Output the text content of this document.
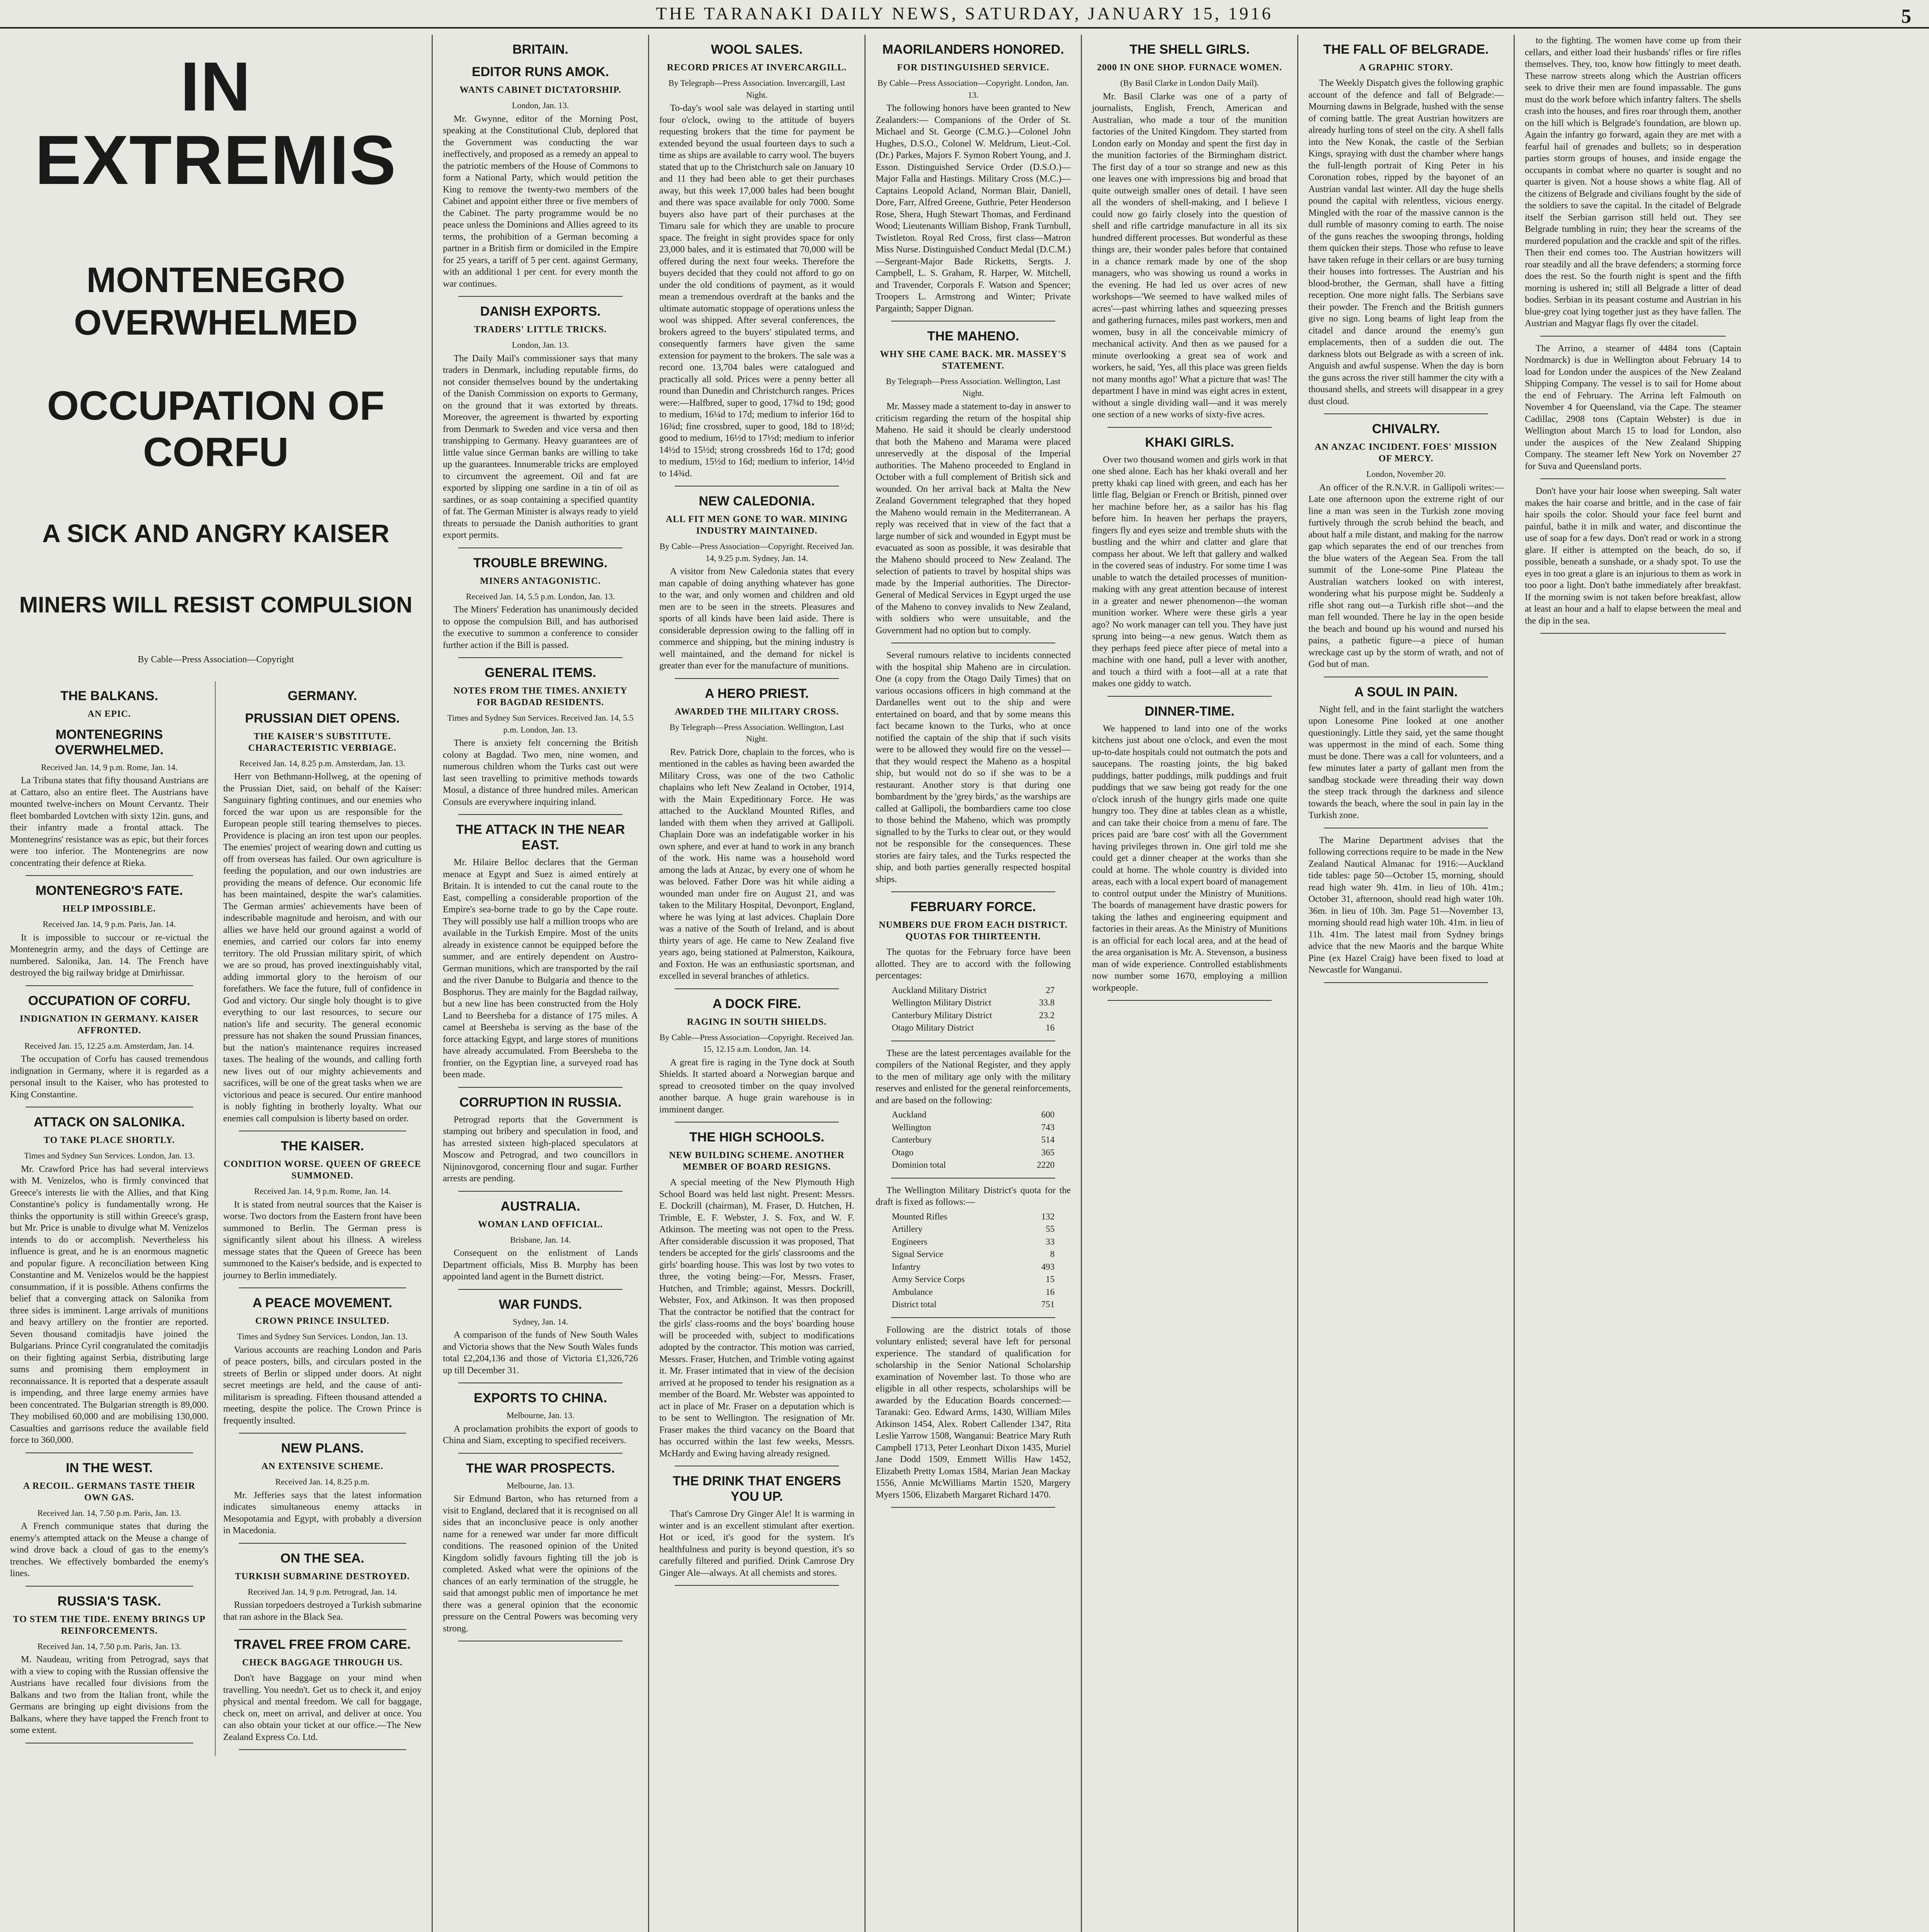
THE TARANAKI DAILY NEWS, SATURDAY, JANUARY 15, 1916	5
IN EXTREMIS
MONTENEGRO OVERWHELMED
OCCUPATION OF CORFU
A SICK AND ANGRY KAISER
MINERS WILL RESIST COMPULSION
By Cable—Press Association—Copyright
THE BALKANS.
AN EPIC.
MONTENEGRINS OVERWHELMED.
Received Jan. 14, 9 p.m. Rome, Jan. 14.

La Tribuna states that fifty thousand Austrians are at Cattaro, also an entire fleet. The Austrians have mounted twelve-inchers on Mount Cervantz. Their fleet bombarded Lovtchen with sixty 12in. guns, and their infantry made a frontal attack. The Montenegrins' resistance was as epic, but their forces were too inferior. The Montenegrins are now concentrating their defence at Rieka.

MONTENEGRO'S FATE.
HELP IMPOSSIBLE.
Received Jan. 14, 9 p.m. Paris, Jan. 14.

It is impossible to succour or re-victual the Montenegrin army, and the days of Cettinge are numbered. Salonika, Jan. 14. The French have destroyed the big railway bridge at Dmirhissar.

OCCUPATION OF CORFU.
INDIGNATION IN GERMANY. KAISER AFFRONTED.
Received Jan. 15, 12.25 a.m. Amsterdam, Jan. 14.

The occupation of Corfu has caused tremendous indignation in Germany, where it is regarded as a personal insult to the Kaiser, who has protested to King Constantine.

ATTACK ON SALONIKA.
TO TAKE PLACE SHORTLY.
Times and Sydney Sun Services. London, Jan. 13.

Mr. Crawford Price has had several interviews with M. Venizelos, who is firmly convinced that Greece's interests lie with the Allies, and that King Constantine's policy is fundamentally wrong. He thinks the opportunity is still within Greece's grasp, but Mr. Price is unable to divulge what M. Venizelos intends to do or accomplish. Nevertheless his influence is great, and he is an enormous magnetic and popular figure. A reconciliation between King Constantine and M. Venizelos would be the happiest consummation, if it is possible. Athens confirms the belief that a converging attack on Salonika from three sides is imminent. Large arrivals of munitions and heavy artillery on the frontier are reported. Seven thousand comitadjis have joined the Bulgarians. Prince Cyril congratulated the comitadjis on their fighting against Serbia, distributing large sums and promising them employment in reconnaissance. It is reported that a desperate assault is impending, and three large enemy armies have been concentrated. The Bulgarian strength is 89,000. They mobilised 60,000 and are mobilising 130,000. Casualties and garrisons reduce the available field force to 360,000.

IN THE WEST.
A RECOIL. GERMANS TASTE THEIR OWN GAS.
Received Jan. 14, 7.50 p.m. Paris, Jan. 13.

A French communique states that during the enemy's attempted attack on the Meuse a change of wind drove back a cloud of gas to the enemy's trenches. We effectively bombarded the enemy's lines.

RUSSIA'S TASK.
TO STEM THE TIDE. ENEMY BRINGS UP REINFORCEMENTS.
Received Jan. 14, 7.50 p.m. Paris, Jan. 13.

M. Naudeau, writing from Petrograd, says that with a view to coping with the Russian offensive the Austrians have recalled four divisions from the Balkans and two from the Italian front, while the Germans are bringing up eight divisions from the Balkans, where they have tapped the French front to some extent.

GERMANY.
PRUSSIAN DIET OPENS.
THE KAISER'S SUBSTITUTE. CHARACTERISTIC VERBIAGE.
Received Jan. 14, 8.25 p.m. Amsterdam, Jan. 13.

Herr von Bethmann-Hollweg, at the opening of the Prussian Diet, said, on behalf of the Kaiser: Sanguinary fighting continues, and our enemies who forced the war upon us are responsible for the European people still tearing themselves to pieces. Providence is placing an iron test upon our peoples. The enemies' project of wearing down and cutting us off from overseas has failed. Our own agriculture is feeding the population, and our own industries are providing the means of defence. Our economic life has been maintained, despite the war's calamities. The German armies' achievements have been of indescribable magnitude and heroism, and with our allies we have held our ground against a world of enemies, and carried our colors far into enemy territory. The old Prussian military spirit, of which we are so proud, has proved inextinguishably vital, adding immortal glory to the heroism of our forefathers. We face the future, full of confidence in God and victory. Our single holy thought is to give everything to our last resources, to secure our nation's life and security. The general economic pressure has not shaken the sound Prussian finances, but the nation's maintenance requires increased taxes. The healing of the wounds, and calling forth new lives out of our mighty achievements and sacrifices, will be one of the great tasks when we are victorious and peace is secured. Our entire manhood is nobly fighting in brotherly loyalty. What our enemies call compulsion is liberty based on order.

THE KAISER.
CONDITION WORSE. QUEEN OF GREECE SUMMONED.
Received Jan. 14, 9 p.m. Rome, Jan. 14.

It is stated from neutral sources that the Kaiser is worse. Two doctors from the Eastern front have been summoned to Berlin. The German press is significantly silent about his illness. A wireless message states that the Queen of Greece has been summoned to the Kaiser's bedside, and is expected to journey to Berlin immediately.

A PEACE MOVEMENT.
CROWN PRINCE INSULTED.
Times and Sydney Sun Services. London, Jan. 13.

Various accounts are reaching London and Paris of peace posters, bills, and circulars posted in the streets of Berlin or slipped under doors. At night secret meetings are held, and the cause of anti-militarism is spreading. Fifteen thousand attended a meeting, despite the police. The Crown Prince is frequently insulted.

NEW PLANS.
AN EXTENSIVE SCHEME.
Received Jan. 14, 8.25 p.m.

Mr. Jefferies says that the latest information indicates simultaneous enemy attacks in Mesopotamia and Egypt, with probably a diversion in Macedonia.

ON THE SEA.
TURKISH SUBMARINE DESTROYED.
Received Jan. 14, 9 p.m. Petrograd, Jan. 14.

Russian torpedoers destroyed a Turkish submarine that ran ashore in the Black Sea.

TRAVEL FREE FROM CARE.
CHECK BAGGAGE THROUGH US.

Don't have Baggage on your mind when travelling. You needn't. Get us to check it, and enjoy physical and mental freedom. We call for baggage, check on, meet on arrival, and deliver at once. You can also obtain your ticket at our office.—The New Zealand Express Co. Ltd.

BRITAIN.
EDITOR RUNS AMOK.
WANTS CABINET DICTATORSHIP.
London, Jan. 13.

Mr. Gwynne, editor of the Morning Post, speaking at the Constitutional Club, deplored that the Government was conducting the war ineffectively, and proposed as a remedy an appeal to the patriotic members of the House of Commons to form a National Party, which would petition the King to remove the twenty-two members of the Cabinet and appoint either three or five members of the Cabinet. The party programme would be no peace unless the Dominions and Allies agreed to its terms, the prohibition of a German becoming a partner in a British firm or domiciled in the Empire for 25 years, a tariff of 5 per cent. against Germany, with an additional 1 per cent. for every month the war continues.

DANISH EXPORTS.
TRADERS' LITTLE TRICKS.
London, Jan. 13.

The Daily Mail's commissioner says that many traders in Denmark, including reputable firms, do not consider themselves bound by the undertaking of the Danish Commission on exports to Germany, on the ground that it was extorted by threats. Moreover, the agreement is thwarted by exporting from Denmark to Sweden and vice versa and then transhipping to Germany. Heavy guarantees are of little value since German banks are willing to take up the guarantees. Innumerable tricks are employed to circumvent the agreement. Oil and fat are exported by slipping one sardine in a tin of oil as sardines, or as soap containing a specified quantity of fat. The German Minister is always ready to yield threats to persuade the Danish authorities to grant export permits.

TROUBLE BREWING.
MINERS ANTAGONISTIC.
Received Jan. 14, 5.5 p.m. London, Jan. 13.

The Miners' Federation has unanimously decided to oppose the compulsion Bill, and has authorised the executive to summon a conference to consider further action if the Bill is passed.

GENERAL ITEMS.
NOTES FROM THE TIMES. ANXIETY FOR BAGDAD RESIDENTS.
Times and Sydney Sun Services. Received Jan. 14, 5.5 p.m. London, Jan. 13.

There is anxiety felt concerning the British colony at Bagdad. Two men, nine women, and numerous children whom the Turks cast out were last seen travelling to primitive methods towards Mosul, a distance of three hundred miles. American Consuls are everywhere inquiring inland.

THE ATTACK IN THE NEAR EAST.

Mr. Hilaire Belloc declares that the German menace at Egypt and Suez is aimed entirely at Britain. It is intended to cut the canal route to the East, compelling a considerable proportion of the Empire's sea-borne trade to go by the Cape route. They will possibly use half a million troops who are available in the Turkish Empire. Most of the units already in existence cannot be equipped before the summer, and are entirely dependent on Austro-German munitions, which are transported by the rail and the river Danube to Bulgaria and thence to the Bosphorus. They are mainly for the Bagdad railway, but a new line has been constructed from the Holy Land to Beersheba for a distance of 175 miles. A camel at Beersheba is serving as the base of the force attacking Egypt, and large stores of munitions have already accumulated. From Beersheba to the frontier, on the Egyptian line, a surveyed road has been made.

CORRUPTION IN RUSSIA.

Petrograd reports that the Government is stamping out bribery and speculation in food, and has arrested sixteen high-placed speculators at Moscow and Petrograd, and two councillors in Nijninovgorod, concerning flour and sugar. Further arrests are pending.

AUSTRALIA.
WOMAN LAND OFFICIAL.
Brisbane, Jan. 14.

Consequent on the enlistment of Lands Department officials, Miss B. Murphy has been appointed land agent in the Burnett district.

WAR FUNDS.
Sydney, Jan. 14.

A comparison of the funds of New South Wales and Victoria shows that the New South Wales funds total £2,204,136 and those of Victoria £1,326,726 up till December 31.

EXPORTS TO CHINA.
Melbourne, Jan. 13.

A proclamation prohibits the export of goods to China and Siam, excepting to specified receivers.

THE WAR PROSPECTS.
Melbourne, Jan. 13.

Sir Edmund Barton, who has returned from a visit to England, declared that it is recognised on all sides that an inconclusive peace is only another name for a renewed war under far more difficult conditions. The reasoned opinion of the United Kingdom solidly favours fighting till the job is completed. Asked what were the opinions of the chances of an early termination of the struggle, he said that amongst public men of importance he met there was a general opinion that the economic pressure on the Central Powers was becoming very strong.

WOOL SALES.
RECORD PRICES AT INVERCARGILL.
By Telegraph—Press Association. Invercargill, Last Night.

To-day's wool sale was delayed in starting until four o'clock, owing to the attitude of buyers requesting brokers that the time for payment be extended beyond the usual fourteen days to such a time as ships are available to carry wool. The buyers stated that up to the Christchurch sale on January 10 and 11 they had been able to get their purchases away, but this week 17,000 bales had been bought and there was space available for only 7000. Some buyers also have part of their purchases at the Timaru sale for which they are unable to procure space. The freight in sight provides space for only 23,000 bales, and it is estimated that 70,000 will be offered during the next four weeks. Therefore the buyers decided that they could not afford to go on under the old conditions of payment, as it would mean a tremendous overdraft at the banks and the ultimate automatic stoppage of operations unless the wool was shipped. After several conferences, the brokers agreed to the buyers' stipulated terms, and consequently farmers have given the same extension for payment to the brokers. The sale was a record one. 13,704 bales were catalogued and practically all sold. Prices were a penny better all round than Dunedin and Christchurch ranges. Prices were:—Halfbred, super to good, 17¾d to 19d; good to medium, 16¼d to 17d; medium to inferior 16d to 16¾d; fine crossbred, super to good, 18d to 18½d; good to medium, 16½d to 17½d; medium to inferior 14½d to 15½d; strong crossbreds 16d to 17d; good to medium, 15½d to 16d; medium to inferior, 14½d to 14¾d.

NEW CALEDONIA.
ALL FIT MEN GONE TO WAR. MINING INDUSTRY MAINTAINED.
By Cable—Press Association—Copyright. Received Jan. 14, 9.25 p.m. Sydney, Jan. 14.

A visitor from New Caledonia states that every man capable of doing anything whatever has gone to the war, and only women and children and old men are to be seen in the streets. Pleasures and sports of all kinds have been laid aside. There is considerable depression owing to the falling off in commerce and shipping, but the mining industry is well maintained, and the demand for nickel is greater than ever for the manufacture of munitions.

A HERO PRIEST.
AWARDED THE MILITARY CROSS.
By Telegraph—Press Association. Wellington, Last Night.

Rev. Patrick Dore, chaplain to the forces, who is mentioned in the cables as having been awarded the Military Cross, was one of the two Catholic chaplains who left New Zealand in October, 1914, with the Main Expeditionary Force. He was attached to the Auckland Mounted Rifles, and landed with them when they arrived at Gallipoli. Chaplain Dore was an indefatigable worker in his own sphere, and ever at hand to work in any branch of the work. His name was a household word among the lads at Anzac, by every one of whom he was beloved. Father Dore was hit while aiding a wounded man under fire on August 21, and was taken to the Military Hospital, Devonport, England, where he was lying at last advices. Chaplain Dore was a native of the South of Ireland, and is about thirty years of age. He came to New Zealand five years ago, being stationed at Palmerston, Kaikoura, and Foxton. He was an enthusiastic sportsman, and excelled in several branches of athletics.

A DOCK FIRE.
RAGING IN SOUTH SHIELDS.
By Cable—Press Association—Copyright. Received Jan. 15, 12.15 a.m. London, Jan. 14.

A great fire is raging in the Tyne dock at South Shields. It started aboard a Norwegian barque and spread to creosoted timber on the quay involved another barque. A huge grain warehouse is in imminent danger.

THE HIGH SCHOOLS.
NEW BUILDING SCHEME. ANOTHER MEMBER OF BOARD RESIGNS.

A special meeting of the New Plymouth High School Board was held last night. Present: Messrs. E. Dockrill (chairman), M. Fraser, D. Hutchen, H. Trimble, E. F. Webster, J. S. Fox, and W. F. Atkinson. The meeting was not open to the Press. After considerable discussion it was proposed, That tenders be accepted for the girls' classrooms and the girls' boarding house. This was lost by two votes to three, the voting being:—For, Messrs. Fraser, Hutchen, and Trimble; against, Messrs. Dockrill, Webster, Fox, and Atkinson. It was then proposed That the contractor be notified that the contract for the girls' class-rooms and the boys' boarding house will be proceeded with, subject to modifications adopted by the contractor. This motion was carried, Messrs. Fraser, Hutchen, and Trimble voting against it. Mr. Fraser intimated that in view of the decision arrived at he proposed to tender his resignation as a member of the Board. Mr. Webster was appointed to act in place of Mr. Fraser on a deputation which is to be sent to Wellington. The resignation of Mr. Fraser makes the third vacancy on the Board that has occurred within the last few weeks, Messrs. McHardy and Ewing having already resigned.

THE DRINK THAT ENGERS YOU UP.

That's Camrose Dry Ginger Ale! It is warming in winter and is an excellent stimulant after exertion. Hot or iced, it's good for the system. It's healthfulness and purity is beyond question, it's so carefully filtered and purified. Drink Camrose Dry Ginger Ale—always. At all chemists and stores.

MAORILANDERS HONORED.
FOR DISTINGUISHED SERVICE.
By Cable—Press Association—Copyright. London, Jan. 13.

The following honors have been granted to New Zealanders:— Companions of the Order of St. Michael and St. George (C.M.G.)—Colonel John Hughes, D.S.O., Colonel W. Meldrum, Lieut.-Col. (Dr.) Parkes, Majors F. Symon Robert Young, and J. Esson. Distinguished Service Order (D.S.O.)—Major Falla and Hastings. Military Cross (M.C.)—Captains Leopold Acland, Norman Blair, Daniell, Dore, Farr, Alfred Greene, Guthrie, Peter Henderson Rose, Shera, Hugh Stewart Thomas, and Ferdinand Wood; Lieutenants William Bishop, Frank Turnbull, Twistleton. Royal Red Cross, first class—Matron Miss Nurse. Distinguished Conduct Medal (D.C.M.)—Sergeant-Major Bade Ricketts, Sergts. J. Campbell, L. S. Graham, R. Harper, W. Mitchell, and Travender, Corporals F. Watson and Spencer; Troopers L. Armstrong and Winter; Private Pargainth; Sapper Dignan.

THE MAHENO.
WHY SHE CAME BACK. MR. MASSEY'S STATEMENT.
By Telegraph—Press Association. Wellington, Last Night.

Mr. Massey made a statement to-day in answer to criticism regarding the return of the hospital ship Maheno. He said it should be clearly understood that both the Maheno and Marama were placed unreservedly at the disposal of the Imperial authorities. The Maheno proceeded to England in October with a full complement of British sick and wounded. On her arrival back at Malta the New Zealand Government telegraphed that they hoped the Maheno would remain in the Mediterranean. A reply was received that in view of the fact that a large number of sick and wounded in Egypt must be evacuated as soon as possible, it was desirable that the Maheno should proceed to New Zealand. The selection of patients to travel by hospital ships was made by the Imperial authorities. The Director-General of Medical Services in Egypt urged the use of the Maheno to convey invalids to New Zealand, with soldiers who were unsuitable, and the Government had no option but to comply.

Several rumours relative to incidents connected with the hospital ship Maheno are in circulation. One (a copy from the Otago Daily Times) that on various occasions officers in high command at the Dardanelles went out to the ship and were entertained on board, and that by some means this fact became known to the Turks, who at once notified the captain of the ship that if such visits were to be allowed they would fire on the vessel—that they would respect the Maheno as a hospital ship, but would not do so if she was to be a restaurant. Another story is that during one bombardment by the 'grey birds,' as the warships are called at Gallipoli, the bombardiers came too close to those behind the Maheno, which was promptly signalled to by the Turks to clear out, or they would not be responsible for the consequences. These stories are fairy tales, and the Turks respected the ship, and both parties generally respected hospital ships.

FEBRUARY FORCE.
NUMBERS DUE FROM EACH DISTRICT. QUOTAS FOR THIRTEENTH.

The quotas for the February force have been allotted. They are to accord with the following percentages:

Auckland Military District	27
Wellington Military District	33.8
Canterbury Military District	23.2
Otago Military District	16

These are the latest percentages available for the compilers of the National Register, and they apply to the men of military age only with the military reserves and enlisted for the general reinforcements, and are based on the following:

Auckland	600
Wellington	743
Canterbury	514
Otago	365
Dominion total	2220

The Wellington Military District's quota for the draft is fixed as follows:—

Mounted Rifles	132
Artillery	55
Engineers	33
Signal Service	8
Infantry	493
Army Service Corps	15
Ambulance	16
District total	751

Following are the district totals of those voluntary enlisted; several have left for personal experience. The standard of qualification for scholarship in the Senior National Scholarship examination of November last. To those who are eligible in all other respects, scholarships will be awarded by the Education Boards concerned:—Taranaki: Geo. Edward Arms, 1430, William Miles Atkinson 1454, Alex. Robert Callender 1347, Rita Leslie Yarrow 1508, Wanganui: Beatrice Mary Ruth Campbell 1713, Peter Leonhart Dixon 1435, Muriel Jane Dodd 1509, Emmett Willis Haw 1452, Elizabeth Pretty Lomax 1584, Marian Jean Mackay 1556, Annie McWilliams Martin 1520, Margery Myers 1506, Elizabeth Margaret Richard 1470.

THE SHELL GIRLS.
2000 IN ONE SHOP. FURNACE WOMEN.
(By Basil Clarke in London Daily Mail).

Mr. Basil Clarke was one of a party of journalists, English, French, American and Australian, who made a tour of the munition factories of the United Kingdom. They started from London early on Monday and spent the first day in the munition factories of the Birmingham district. The first day of a tour so strange and new as this one leaves one with impressions big and broad that quite outweigh smaller ones of detail. I have seen all the wonders of shell-making, and I believe I could now go fairly closely into the question of shell and rifle cartridge manufacture in all its six hundred different processes. But wonderful as these things are, their wonder pales before that contained in a chance remark made by one of the shop managers, who was showing us round a works in the evening. He had led us over acres of new workshops—'We seemed to have walked miles of acres'—past whirring lathes and squeezing presses and gathering furnaces, miles past workers, men and women, busy in all the conceivable mimicry of mechanical activity. And then as we paused for a minute overlooking a great sea of work and workers, he said, 'Yes, all this place was green fields not many months ago!' What a picture that was! The department I have in mind was eight acres in extent, without a single dividing wall—and it was merely one section of a new works of sixty-five acres.

KHAKI GIRLS.

Over two thousand women and girls work in that one shed alone. Each has her khaki overall and her pretty khaki cap lined with green, and each has her little flag, Belgian or French or British, pinned over her machine before her, as a sailor has his flag before him. In heaven her perhaps the prayers, fingers fly and eyes seize and tremble shuts with the bustling and the whirr and clatter and glare that compass her about. We left that gallery and walked in the covered seas of industry. For some time I was unable to watch the detailed processes of munition-making with any great attention because of interest in a greater and newer phenomenon—the woman munition worker. Where were these girls a year ago? No work manager can tell you. They have just sprung into being—a new genus. Watch them as they perhaps feed piece after piece of metal into a machine with one hand, pull a lever with another, and touch a third with a foot—all at a rate that makes one giddy to watch.

DINNER-TIME.

We happened to land into one of the works kitchens just about one o'clock, and even the most up-to-date hospitals could not outmatch the pots and saucepans. The roasting joints, the big baked puddings, batter puddings, milk puddings and fruit puddings that we saw being got ready for the one o'clock inrush of the hungry girls made one quite hungry too. They dine at tables clean as a whistle, and can take their choice from a menu of fare. The prices paid are 'bare cost' with all the Government having privileges thrown in. One girl told me she could get a dinner cheaper at the works than she could at home. The whole country is divided into areas, each with a local expert board of management to control output under the Ministry of Munitions. The boards of management have drastic powers for taking the lathes and engineering equipment and factories in their areas. As the Ministry of Munitions is an official for each local area, and at the head of the area organisation is Mr. A. Stevenson, a business man of wide experience. Controlled establishments now number some 1670, employing a million workpeople.

THE FALL OF BELGRADE.
A GRAPHIC STORY.

The Weekly Dispatch gives the following graphic account of the defence and fall of Belgrade:— Mourning dawns in Belgrade, hushed with the sense of coming battle. The great Austrian howitzers are already hurling tons of steel on the city. A shell falls into the New Konak, the castle of the Serbian Kings, spraying with dust the chamber where hangs the full-length portrait of King Peter in his Coronation robes, ripped by the bayonet of an Austrian vandal last winter. All day the huge shells pound the capital with relentless, vicious energy. Mingled with the roar of the massive cannon is the dull rumble of masonry coming to earth. The noise of the guns reaches the swooping throngs, holding them quicken their steps. Those who refuse to leave have taken refuge in their cellars or are busy turning their houses into fortresses. The Austrian and his blood-brother, the German, shall have a fitting reception. One more night falls. The Serbians save their powder. The French and the British gunners give no sign. Long beams of light leap from the citadel and dance around the enemy's gun emplacements, then of a sudden die out. The darkness blots out Belgrade as with a screen of ink. Anguish and awful suspense. When the day is born the guns across the river still hammer the city with a thousand shells, and streets will disappear in a grey dust cloud.

CHIVALRY.
AN ANZAC INCIDENT. FOES' MISSION OF MERCY.
London, November 20.

An officer of the R.N.V.R. in Gallipoli writes:— Late one afternoon upon the extreme right of our line a man was seen in the Turkish zone moving furtively through the scrub behind the beach, and about half a mile distant, and making for the narrow gap which separates the end of our trenches from the blue waters of the Aegean Sea. From the tall summit of the Lone-some Pine Plateau the Australian watchers looked on with interest, wondering what his purpose might be. Suddenly a rifle shot rang out—a Turkish rifle shot—and the man fell wounded. There he lay in the open beside the beach and bound up his wound and nursed his pains, a pathetic figure—a piece of human wreckage cast up by the storm of wrath, and not of God but of man.

A SOUL IN PAIN.

Night fell, and in the faint starlight the watchers upon Lonesome Pine looked at one another questioningly. Little they said, yet the same thought was uppermost in the mind of each. Some thing must be done. There was a call for volunteers, and a few minutes later a party of gallant men from the sandbag stockade were threading their way down the steep track through the darkness and silence towards the beach, where the soul in pain lay in the Turkish zone.

The Marine Department advises that the following corrections require to be made in the New Zealand Nautical Almanac for 1916:—Auckland tide tables: page 50—October 15, morning, should read high water 9h. 41m. in lieu of 10h. 41m.; October 31, afternoon, should read high water 10h. 36m. in lieu of 10h. 3m. Page 51—November 13, morning should read high water 10h. 41m. in lieu of 11h. 41m. The latest mail from Sydney brings advice that the new Maoris and the barque White Pine (ex Hazel Craig) have been fixed to load at Newcastle for Wanganui.

to the fighting. The women have come up from their cellars, and either load their husbands' rifles or fire rifles themselves. They, too, know how fittingly to meet death. These narrow streets along which the Austrian officers seek to drive their men are found impassable. The guns must do the work before which infantry falters. The shells crash into the houses, and fires roar through them, another on the hill which is Belgrade's foundation, are blown up. Again the infantry go forward, again they are met with a fearful hail of grenades and bullets; so in desperation parties storm groups of houses, and inside engage the occupants in combat where no quarter is sought and no quarter is given. Not a house shows a white flag. All of the citizens of Belgrade and civilians fought by the side of the soldiers to save the capital. In the citadel of Belgrade itself the Serbian garrison still held out. They see Belgrade tumbling in ruin; they hear the screams of the murdered population and the crackle and spit of the rifles. Then their end comes too. The Austrian howitzers will roar steadily and all the brave defenders; a storming force does the rest. So the fourth night is spent and the fifth morning is ushered in; still all Belgrade a litter of dead bodies. Serbian in its peasant costume and Austrian in his blue-grey coat lying together just as they have fallen. The Austrian and Magyar flags fly over the citadel.

The Arrino, a steamer of 4484 tons (Captain Nordmarck) is due in Wellington about February 14 to load for London under the auspices of the New Zealand Shipping Company. The vessel is to sail for Home about the end of February. The Arrina left Falmouth on November 4 for Queensland, via the Cape. The steamer Cadillac, 2908 tons (Captain Webster) is due in Wellington about March 15 to load for London, also under the auspices of the New Zealand Shipping Company. The steamer left New York on November 27 for Suva and Queensland ports.

Don't have your hair loose when sweeping. Salt water makes the hair coarse and brittle, and in the case of fair hair spoils the color. Should your face feel burnt and painful, bathe it in milk and water, and discontinue the use of soap for a few days. Don't read or work in a strong glare. If either is attempted on the beach, do so, if possible, beneath a sunshade, or a shady spot. To use the eyes in too great a glare is an injurious to them as work in too poor a light. Don't bathe immediately after breakfast. If the morning swim is not taken before breakfast, allow at least an hour and a half to elapse between the meal and the dip in the sea.
